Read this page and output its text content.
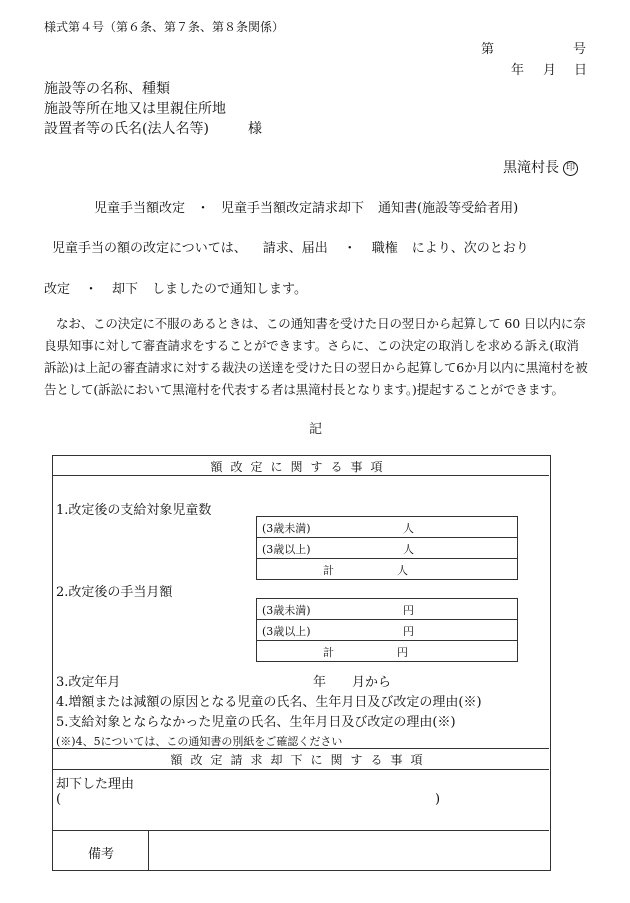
様式第４号（第６条、第７条、第８条関係）
第	号
年 月 日
施設等の名称、種類
施設等所在地又は里親住所地
設置者等の氏名(法人名等)	様
黒滝村長 印
児童手当額改定 ・ 児童手当額改定請求却下 通知書(施設等受給者用)
児童手当の額の改定については、 請求、届出 ・ 職権 により、次のとおり
改定 ・ 却下 しましたので通知します。
なお、この決定に不服のあるときは、この通知書を受けた日の翌日から起算して 60 日以内に奈良県知事に対して審査請求をすることができます。さらに、この決定の取消しを求める訴え(取消訴訟)は上記の審査請求に対する裁決の送達を受けた日の翌日から起算して6か月以内に黒滝村を被告として(訴訟において黒滝村を代表する者は黒滝村長となります。)提起することができます。
記
額改定に関する事項
1.改定後の支給対象児童数
(3歳未満)	人
(3歳以上)	人
計	人
2.改定後の手当月額
(3歳未満)	円
(3歳以上)	円
計	円
3.改定年月	年 月から
4.増額または減額の原因となる児童の氏名、生年月日及び改定の理由(※)
5.支給対象とならなかった児童の氏名、生年月日及び改定の理由(※)
(※)4、5については、この通知書の別紙をご確認ください
額改定請求却下に関する事項
却下した理由
(	)
備考
